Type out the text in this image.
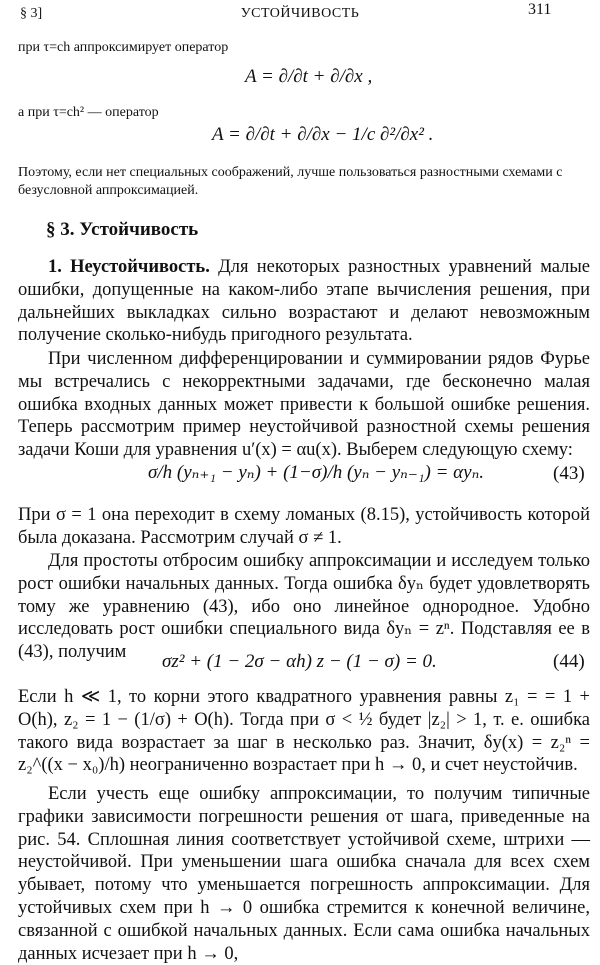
§ 3]	УСТОЙЧИВОСТЬ	311
при τ=ch аппроксимирует оператор
A = ∂/∂t + ∂/∂x ,
а при τ=ch² — оператор
A = ∂/∂t + ∂/∂x − 1/c ∂²/∂x² .
Поэтому, если нет специальных соображений, лучше пользоваться разностными схемами с безусловной аппроксимацией.
§ 3. Устойчивость

1. Неустойчивость. Для некоторых разностных уравнений малые ошибки, допущенные на каком-либо этапе вычисления решения, при дальнейших выкладках сильно возрастают и делают невозможным получение сколько-нибудь пригодного результата.

При численном дифференцировании и суммировании рядов Фурье мы встречались с некорректными задачами, где бесконечно малая ошибка входных данных может привести к большой ошибке решения. Теперь рассмотрим пример неустойчивой разностной схемы решения задачи Коши для уравнения u′(x) = αu(x). Выберем следующую схему:

σ/h (yₙ₊₁ − yₙ) + (1−σ)/h (yₙ − yₙ₋₁) = αyₙ.	(43)

При σ = 1 она переходит в схему ломаных (8.15), устойчивость которой была доказана. Рассмотрим случай σ ≠ 1.

Для простоты отбросим ошибку аппроксимации и исследуем только рост ошибки начальных данных. Тогда ошибка δyₙ будет удовлетворять тому же уравнению (43), ибо оно линейное однородное. Удобно исследовать рост ошибки специального вида δyₙ = zⁿ. Подставляя ее в (43), получим	σz² + (1 − 2σ − αh) z − (1 − σ) = 0.	(44)

Если h ≪ 1, то корни этого квадратного уравнения равны z₁ = = 1 + O(h), z₂ = 1 − (1/σ) + O(h). Тогда при σ < ½ будет |z₂| > 1, т. е. ошибка такого вида возрастает за шаг в несколько раз. Значит, δy(x) = z₂ⁿ = z₂^((x − x₀)/h) неограниченно возрастает при h → 0, и счет неустойчив.

Если учесть еще ошибку аппроксимации, то получим типичные графики зависимости погрешности решения от шага, приведенные на рис. 54. Сплошная линия соответствует устойчивой схеме, штрихи — неустойчивой. При уменьшении шага ошибка сначала для всех схем убывает, потому что уменьшается погрешность аппроксимации. Для устойчивых схем при h → 0 ошибка стремится к конечной величине, связанной с ошибкой начальных данных. Если сама ошибка начальных данных исчезает при h → 0,
